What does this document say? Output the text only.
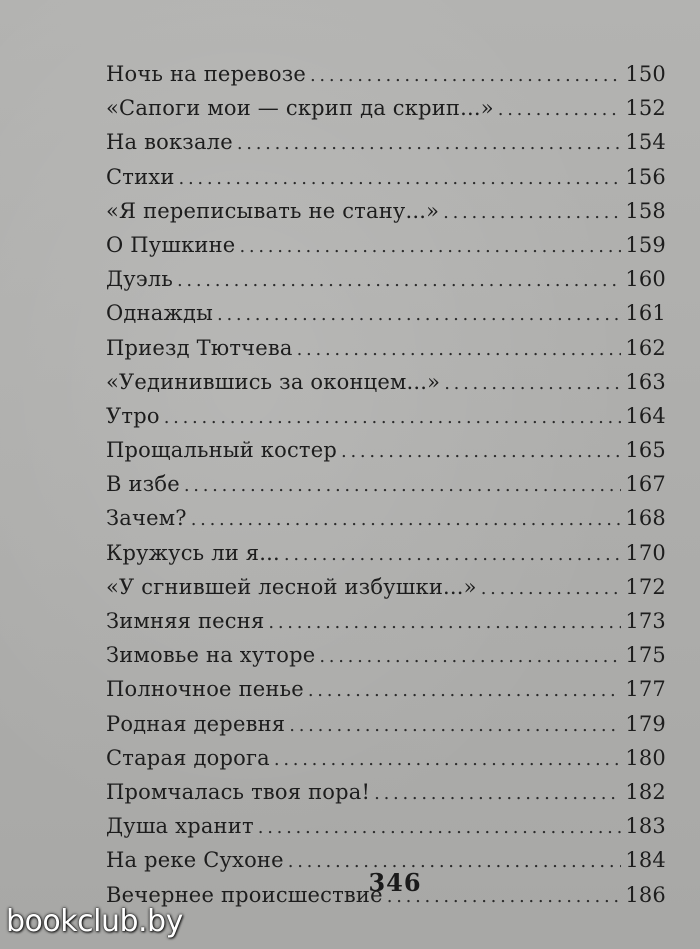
Ночь на перевозе . . .	150
«Сапоги мои — скрип да скрип...» . . .	152
На вокзале . . .	154
Стихи . . .	156
«Я переписывать не стану...» . . .	158
О Пушкине . . .	159
Дуэль . . .	160
Однажды . . .	161
Приезд Тютчева . . .	162
«Уединившись за оконцем...» . . .	163
Утро . . .	164
Прощальный костер . . .	165
В избе . . .	167
Зачем? . . .	168
Кружусь ли я... . . .	170
«У сгнившей лесной избушки...» . . .	172
Зимняя песня . . .	173
Зимовье на хуторе . . .	175
Полночное пенье . . .	177
Родная деревня . . .	179
Старая дорога . . .	180
Промчалась твоя пора! . . .	182
Душа хранит . . .	183
На реке Сухоне . . .	184
Вечернее происшествие . . .	186
346
bookclub.by
